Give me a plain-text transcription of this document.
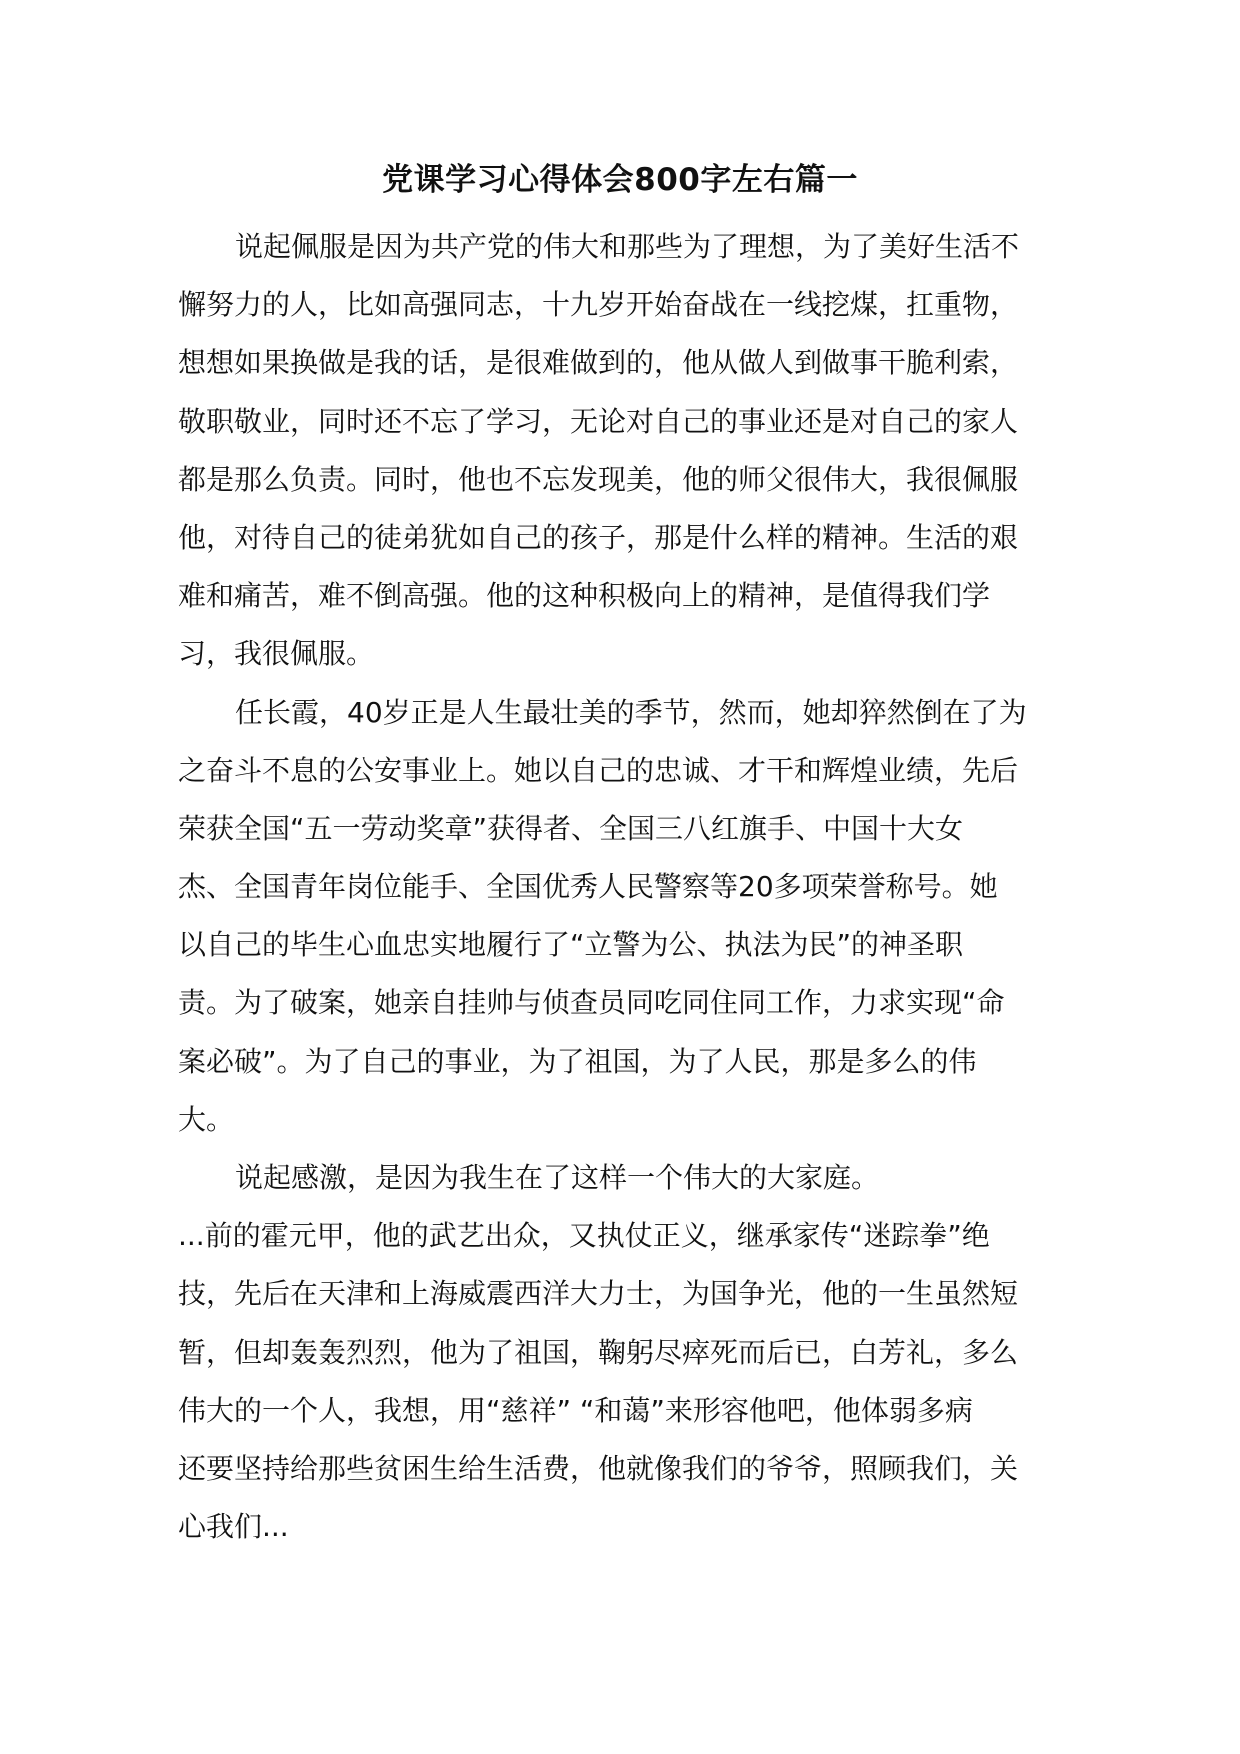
党课学习心得体会800字左右篇一
说起佩服是因为共产党的伟大和那些为了理想，为了美好生活不
懈努力的人，比如高强同志，十九岁开始奋战在一线挖煤，扛重物，
想想如果换做是我的话，是很难做到的，他从做人到做事干脆利索，
敬职敬业，同时还不忘了学习，无论对自己的事业还是对自己的家人
都是那么负责。同时，他也不忘发现美，他的师父很伟大，我很佩服
他，对待自己的徒弟犹如自己的孩子，那是什么样的精神。生活的艰
难和痛苦，难不倒高强。他的这种积极向上的精神，是值得我们学
习，我很佩服。
任长霞，40岁正是人生最壮美的季节，然而，她却猝然倒在了为
之奋斗不息的公安事业上。她以自己的忠诚、才干和辉煌业绩，先后
荣获全国“五一劳动奖章”获得者、全国三八红旗手、中国十大女
杰、全国青年岗位能手、全国优秀人民警察等20多项荣誉称号。她
以自己的毕生心血忠实地履行了“立警为公、执法为民”的神圣职
责。为了破案，她亲自挂帅与侦查员同吃同住同工作，力求实现“命
案必破”。为了自己的事业，为了祖国，为了人民，那是多么的伟
大。
说起感激，是因为我生在了这样一个伟大的大家庭。
...前的霍元甲，他的武艺出众，又执仗正义，继承家传“迷踪拳”绝
技，先后在天津和上海威震西洋大力士，为国争光，他的一生虽然短
暂，但却轰轰烈烈，他为了祖国，鞠躬尽瘁死而后已，白芳礼，多么
伟大的一个人，我想，用“慈祥” “和蔼”来形容他吧，他体弱多病
还要坚持给那些贫困生给生活费，他就像我们的爷爷，照顾我们，关
心我们...
